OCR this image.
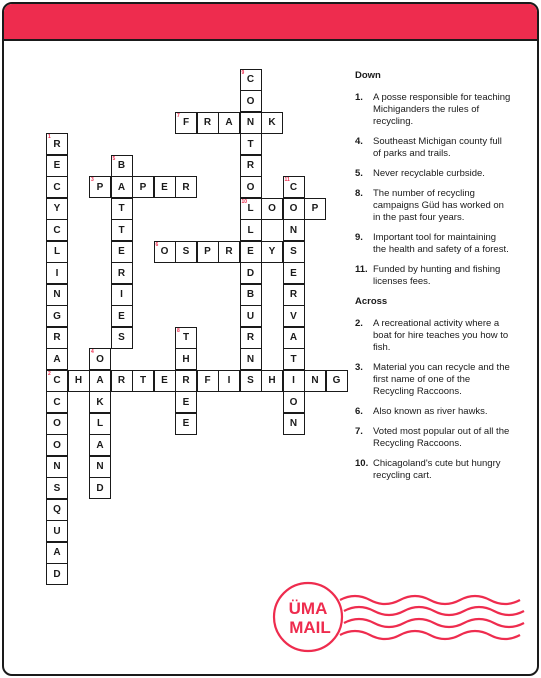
1
R
E
C
Y
C
L
I
N
G
R
A
2
C
C
O
O
N
S
Q
U
A
D
H A R T E R F I S H I N G
3
P A P E R
4
O
K
L
A
N
D
5
B
T
T
E
R
I
E
S
6
O S P R E Y S
7
F R A N K
8
T
H
E
E
9
C
O
T
R
O
10
L
L
D
B
U
R
N
O O P
11
C
N
E
R
V
A
T
O
N
Down
1.	A posse responsible for teaching Michiganders the rules of recycling.
4.	Southeast Michigan county full of parks and trails.
5.	Never recyclable curbside.
8.	The number of recycling campaigns Güd has worked on in the past four years.
9.	Important tool for maintaining the health and safety of a forest.
11. Funded by hunting and fishing licenses fees.
Across
2.	A recreational activity where a boat for hire teaches you how to fish.
3.	Material you can recycle and the first name of one of the Recycling Raccoons.
6.	Also known as river hawks.
7.	Voted most popular out of all the Recycling Raccoons.
10. Chicagoland's cute but hungry recycling cart.
ÜMA
MAIL
